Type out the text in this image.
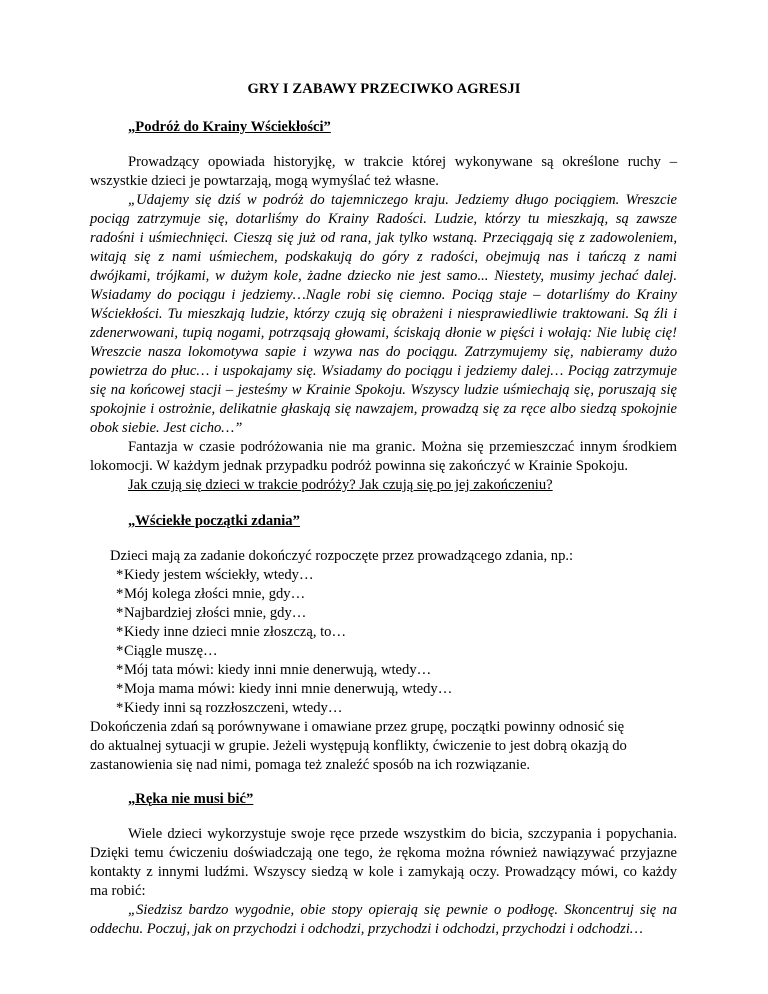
GRY I ZABAWY PRZECIWKO AGRESJI
„Podróż do Krainy Wściekłości”

Prowadzący opowiada historyjkę, w trakcie której wykonywane są określone ruchy – wszystkie dzieci je powtarzają, mogą wymyślać też własne.

„Udajemy się dziś w podróż do tajemniczego kraju. Jedziemy długo pociągiem. Wreszcie pociąg zatrzymuje się, dotarliśmy do Krainy Radości. Ludzie, którzy tu mieszkają, są zawsze radośni i uśmiechnięci. Cieszą się już od rana, jak tylko wstaną. Przeciągają się z zadowoleniem, witają się z nami uśmiechem, podskakują do góry z radości, obejmują nas i tańczą z nami dwójkami, trójkami, w dużym kole, żadne dziecko nie jest samo... Niestety, musimy jechać dalej. Wsiadamy do pociągu i jedziemy…Nagle robi się ciemno. Pociąg staje – dotarliśmy do Krainy Wściekłości. Tu mieszkają ludzie, którzy czują się obrażeni i niesprawiedliwie traktowani. Są źli i zdenerwowani, tupią nogami, potrząsają głowami, ściskają dłonie w pięści i wołają: Nie lubię cię! Wreszcie nasza lokomotywa sapie i wzywa nas do pociągu. Zatrzymujemy się, nabieramy dużo powietrza do płuc… i uspokajamy się. Wsiadamy do pociągu i jedziemy dalej… Pociąg zatrzymuje się na końcowej stacji – jesteśmy w Krainie Spokoju. Wszyscy ludzie uśmiechają się, poruszają się spokojnie i ostrożnie, delikatnie głaskają się nawzajem, prowadzą się za ręce albo siedzą spokojnie obok siebie. Jest cicho…”

Fantazja w czasie podróżowania nie ma granic. Można się przemieszczać innym środkiem lokomocji. W każdym jednak przypadku podróż powinna się zakończyć w Krainie Spokoju.

Jak czują się dzieci w trakcie podróży? Jak czują się po jej zakończeniu?

„Wściekłe początki zdania”
Dzieci mają za zadanie dokończyć rozpoczęte przez prowadzącego zdania, np.:
*Kiedy jestem wściekły, wtedy…
*Mój kolega złości mnie, gdy…
*Najbardziej złości mnie, gdy…
*Kiedy inne dzieci mnie złoszczą, to…
*Ciągle muszę…
*Mój tata mówi: kiedy inni mnie denerwują, wtedy…
*Moja mama mówi: kiedy inni mnie denerwują, wtedy…
*Kiedy inni są rozzłoszczeni, wtedy…

Dokończenia zdań są porównywane i omawiane przez grupę, początki powinny odnosić się

do aktualnej sytuacji w grupie. Jeżeli występują konflikty, ćwiczenie to jest dobrą okazją do

zastanowienia się nad nimi, pomaga też znaleźć sposób na ich rozwiązanie.

„Ręka nie musi bić”

Wiele dzieci wykorzystuje swoje ręce przede wszystkim do bicia, szczypania i popychania. Dzięki temu ćwiczeniu doświadczają one tego, że rękoma można również nawiązywać przyjazne kontakty z innymi ludźmi. Wszyscy siedzą w kole i zamykają oczy. Prowadzący mówi, co każdy ma robić:

„Siedzisz bardzo wygodnie, obie stopy opierają się pewnie o podłogę. Skoncentruj się na oddechu. Poczuj, jak on przychodzi i odchodzi, przychodzi i odchodzi, przychodzi i odchodzi…
